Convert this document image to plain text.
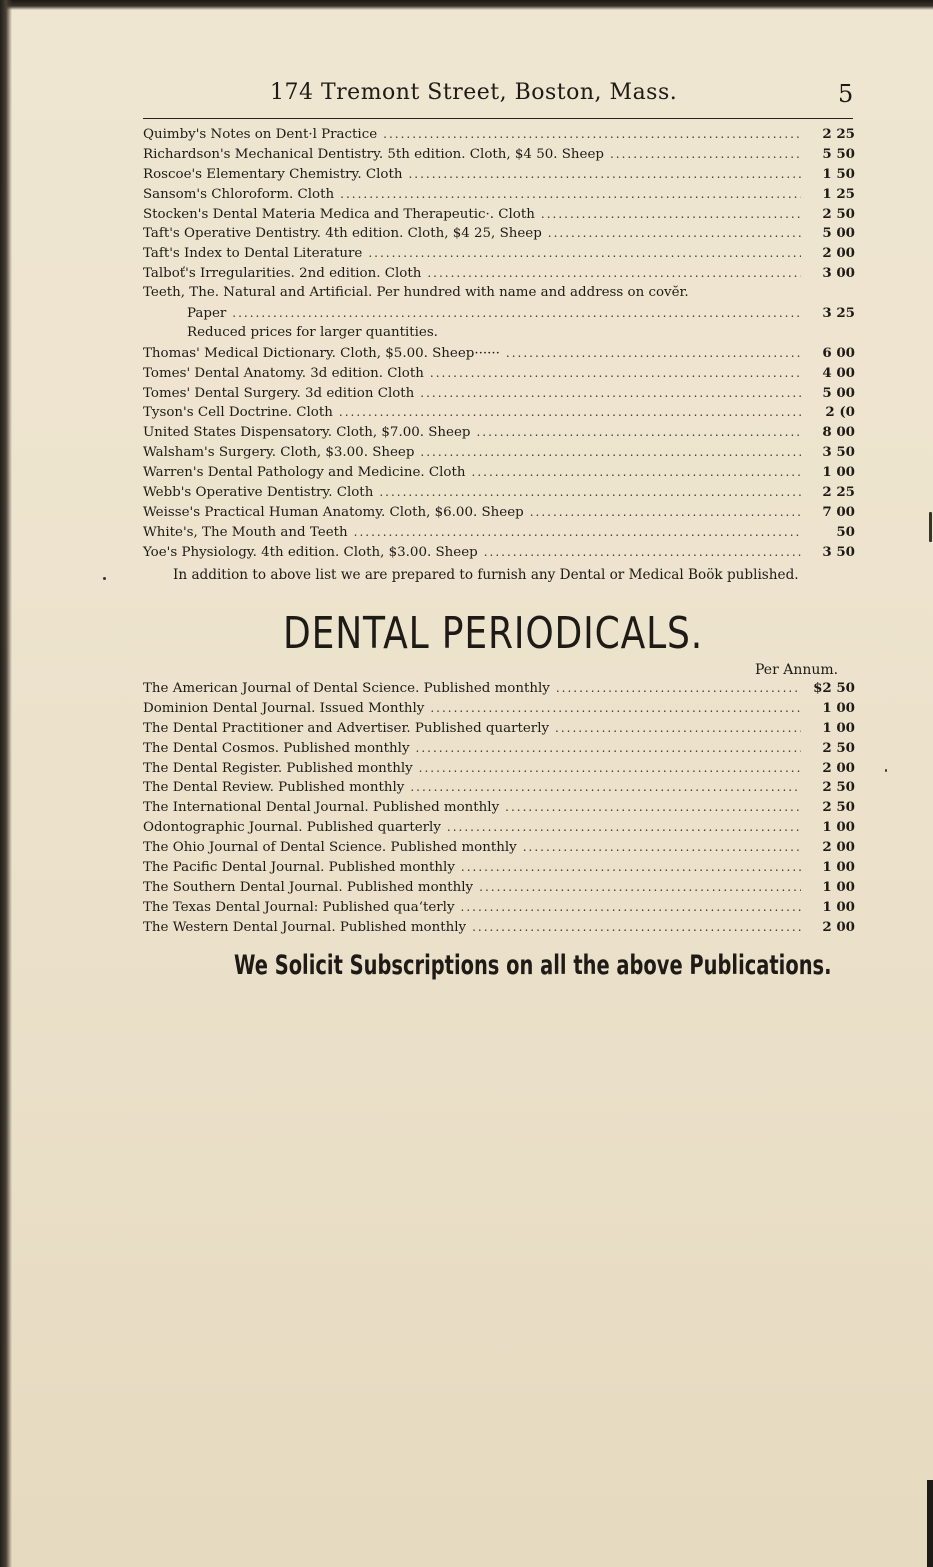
174 Tremont Street, Boston, Mass.	5
Quimby's Notes on Dent·l Practice .....	2 25
Richardson's Mechanical Dentistry. 5th edition. Cloth, $4 50. Sheep .....	5 50
Roscoe's Elementary Chemistry. Cloth .....	1 50
Sansom's Chloroform. Cloth .....	1 25
Stocken's Dental Materia Medica and Therapeutic·. Cloth .....	2 50
Taft's Operative Dentistry. 4th edition. Cloth, $4 25, Sheep .....	5 00
Taft's Index to Dental Literature .....	2 00
Talboť's Irregularities. 2nd edition. Cloth .....	3 00
Teeth, The. Natural and Artificial. Per hundred with name and address on covĕr.
Paper .....	3 25
Reduced prices for larger quantities.
Thomas' Medical Dictionary. Cloth, $5.00. Sheep······ .....	6 00
Tomes' Dental Anatomy. 3d edition. Cloth .....	4 00
Tomes' Dental Surgery. 3d edition Cloth .....	5 00
Tyson's Cell Doctrine. Cloth .....	2 (0
United States Dispensatory. Cloth, $7.00. Sheep .....	8 00
Walsham's Surgery. Cloth, $3.00. Sheep .....	3 50
Warren's Dental Pathology and Medicine. Cloth .....	1 00
Webb's Operative Dentistry. Cloth .....	2 25
Weisse's Practical Human Anatomy. Cloth, $6.00. Sheep .....	7 00
White's, The Mouth and Teeth .....	50
Yoe's Physiology. 4th edition. Cloth, $3.00. Sheep .....	3 50
In addition to above list we are prepared to furnish any Dental or Medical Boök published.
DENTAL PERIODICALS.
Per Annum.
The American Journal of Dental Science. Published monthly .....	$2 50
Dominion Dental Journal. Issued Monthly .....	1 00
The Dental Practitioner and Advertiser. Published quarterly .....	1 00
The Dental Cosmos. Published monthly .....	2 50
The Dental Register. Published monthly .....	2 00
The Dental Review. Published monthly .....	2 50
The International Dental Journal. Published monthly .....	2 50
Odontographic Journal. Published quarterly .....	1 00
The Ohio Journal of Dental Science. Published monthly .....	2 00
The Pacific Dental Journal. Published monthly .....	1 00
The Southern Dental Journal. Published monthly .....	1 00
The Texas Dental Journal: Published quaʻterly .....	1 00
The Western Dental Journal. Published monthly .....	2 00
We Solicit Subscriptions on all the above Publications.
